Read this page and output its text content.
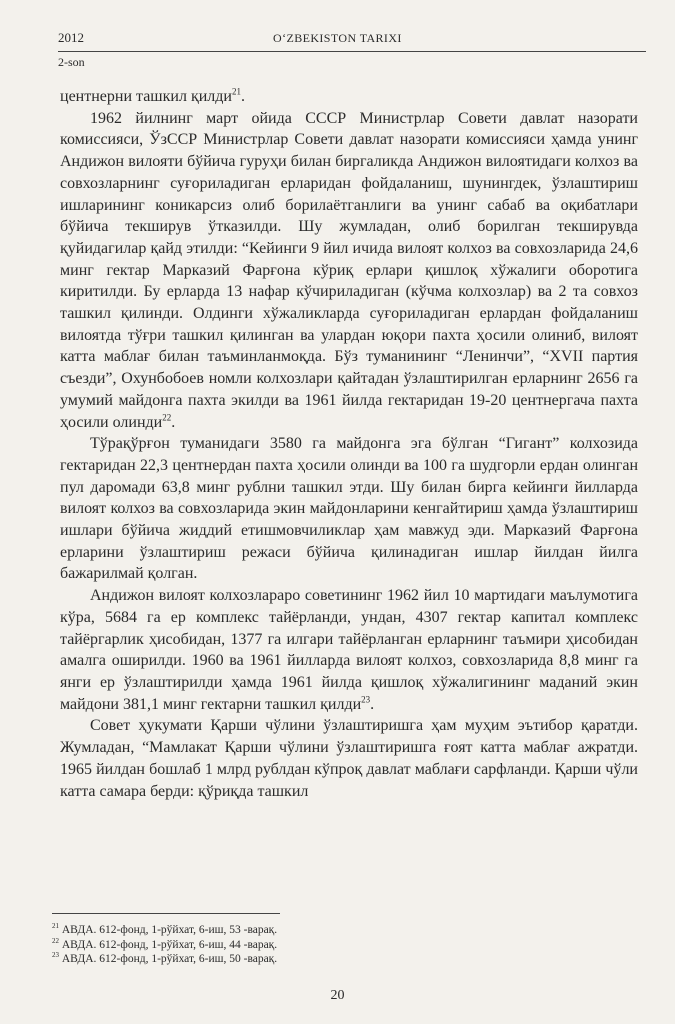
2012	O‘ZBEKISTON TARIXI
2-son

центнерни ташкил қилди$^{21}$.

1962 йилнинг март ойида СССР Министрлар Совети давлат назорати комиссияси, ЎзССР Министрлар Совети давлат назорати комиссияси ҳамда унинг Андижон вилояти бўйича гуруҳи билан биргаликда Андижон вилоятидаги колхоз ва совхозларнинг суғориладиган ерларидан фойдаланиш, шунингдек, ўзлаштириш ишларининг коникарсиз олиб борилаётганлиги ва унинг сабаб ва оқибатлари бўйича текширув ўтказилди. Шу жумладан, олиб борилган текширувда қуйидагилар қайд этилди: “Кейинги 9 йил ичида вилоят колхоз ва совхозларида 24,6 минг гектар Марказий Фарғона кўриқ ерлари қишлоқ хўжалиги оборотига киритилди. Бу ерларда 13 нафар кўчириладиган (кўчма колхозлар) ва 2 та совхоз ташкил қилинди. Олдинги хўжаликларда суғориладиган ерлардан фойдаланиш вилоятда тўғри ташкил қилинган ва улардан юқори пахта ҳосили олиниб, вилоят катта маблағ билан таъминланмоқда. Бўз туманининг “Ленинчи”, “XVII партия съезди”, Охунбобоев номли колхозлари қайтадан ўзлаштирилган ерларнинг 2656 га умумий майдонга пахта экилди ва 1961 йилда гектаридан 19-20 центнергача пахта ҳосили олинди$^{22}$.

Тўрақўрғон туманидаги 3580 га майдонга эга бўлган “Гигант” колхозида гектаридан 22,3 центнердан пахта ҳосили олинди ва 100 га шудгорли ердан олинган пул даромади 63,8 минг рублни ташкил этди. Шу билан бирга кейинги йилларда вилоят колхоз ва совхозларида экин майдонларини кенгайтириш ҳамда ўзлаштириш ишлари бўйича жиддий етишмовчиликлар ҳам мавжуд эди. Марказий Фарғона ерларини ўзлаштириш режаси бўйича қилинадиган ишлар йилдан йилга бажарилмай қолган.

Андижон вилоят колхозлараро советининг 1962 йил 10 мартидаги маълумотига кўра, 5684 га ер комплекс тайёрланди, ундан, 4307 гектар капитал комплекс тайёргарлик ҳисобидан, 1377 га илгари тайёрланган ерларнинг таъмири ҳисобидан амалга оширилди. 1960 ва 1961 йилларда вилоят колхоз, совхозларида 8,8 минг га янги ер ўзлаштирилди ҳамда 1961 йилда қишлоқ хўжалигининг маданий экин майдони 381,1 минг гектарни ташкил қилди$^{23}$.

Совет ҳукумати Қарши чўлини ўзлаштиришга ҳам муҳим эътибор қаратди. Жумладан, “Мамлакат Қарши чўлини ўзлаштиришга ғоят катта маблағ ажратди. 1965 йилдан бошлаб 1 млрд рублдан кўпроқ давлат маблағи сарфланди. Қарши чўли катта самара берди: қўриқда ташкил

$^{21}$ АВДА. 612-фонд, 1-рўйхат, 6-иш, 53 -варақ.
$^{22}$ АВДА. 612-фонд, 1-рўйхат, 6-иш, 44 -варақ.
$^{23}$ АВДА. 612-фонд, 1-рўйхат, 6-иш, 50 -варақ.
20
